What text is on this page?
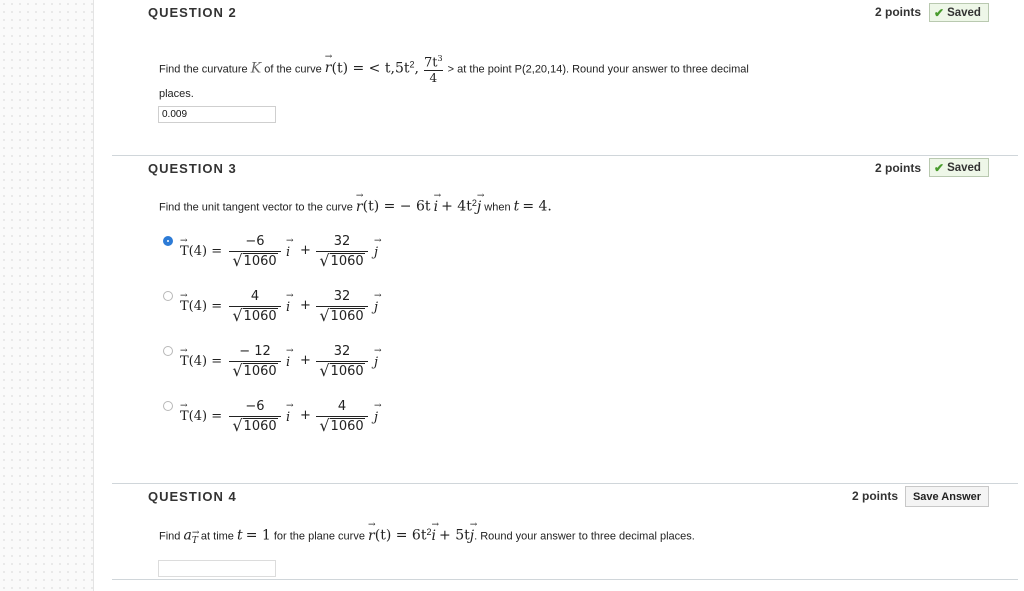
QUESTION 2	2 points ✔ Saved
Find the curvature K of the curve → r(t) = < $t,5t^2$, $\frac{7t^3}{4}$ > at the point P(2,20,14). Round your answer to three decimal
places.
0.009
QUESTION 3	2 points ✔ Saved
Find the unit tangent vector to the curve → r(t) = − $6t \to i + 4t^2\to j$ when t = 4.
→ T(4) =
−6
√1060
→ i +
32
√1060
→ j
→ T(4) =
4
√1060
→ i +
32
√1060
→ j
→ T(4) =
− 12
√1060
→ i +
32
√1060
→ j
→ T(4) =
−6
√1060
→ i +
4
√1060
→ j
QUESTION 4	2 points	Save Answer
Find a→ $_T$ at time t = 1 for the plane curve → $r(t) = 6t^2\to i + 5t\to j$. Round your answer to three decimal places.
